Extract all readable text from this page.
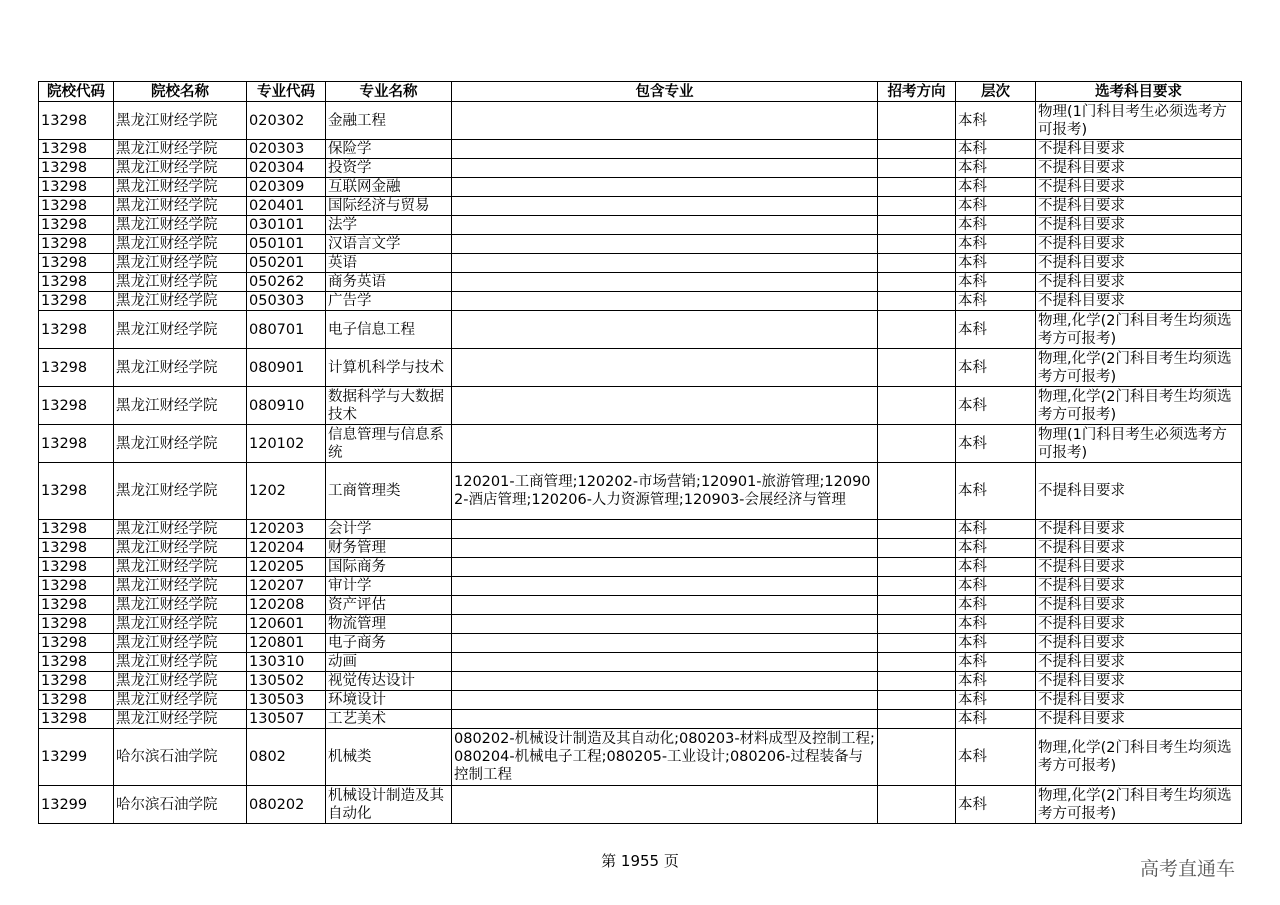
院校代码	院校名称	专业代码	专业名称	包含专业	招考方向	层次	选考科目要求
13298	黑龙江财经学院	020302	金融工程			本科	物理(1门科目考生必须选考方可报考)
13298	黑龙江财经学院	020303	保险学			本科	不提科目要求
13298	黑龙江财经学院	020304	投资学			本科	不提科目要求
13298	黑龙江财经学院	020309	互联网金融			本科	不提科目要求
13298	黑龙江财经学院	020401	国际经济与贸易			本科	不提科目要求
13298	黑龙江财经学院	030101	法学			本科	不提科目要求
13298	黑龙江财经学院	050101	汉语言文学			本科	不提科目要求
13298	黑龙江财经学院	050201	英语			本科	不提科目要求
13298	黑龙江财经学院	050262	商务英语			本科	不提科目要求
13298	黑龙江财经学院	050303	广告学			本科	不提科目要求
13298	黑龙江财经学院	080701	电子信息工程			本科	物理,化学(2门科目考生均须选考方可报考)
13298	黑龙江财经学院	080901	计算机科学与技术			本科	物理,化学(2门科目考生均须选考方可报考)
13298	黑龙江财经学院	080910	数据科学与大数据技术			本科	物理,化学(2门科目考生均须选考方可报考)
13298	黑龙江财经学院	120102	信息管理与信息系统			本科	物理(1门科目考生必须选考方可报考)
13298	黑龙江财经学院	1202	工商管理类	120201-工商管理;120202-市场营销;120901-旅游管理;120902-酒店管理;120206-人力资源管理;120903-会展经济与管理		本科	不提科目要求
13298	黑龙江财经学院	120203	会计学			本科	不提科目要求
13298	黑龙江财经学院	120204	财务管理			本科	不提科目要求
13298	黑龙江财经学院	120205	国际商务			本科	不提科目要求
13298	黑龙江财经学院	120207	审计学			本科	不提科目要求
13298	黑龙江财经学院	120208	资产评估			本科	不提科目要求
13298	黑龙江财经学院	120601	物流管理			本科	不提科目要求
13298	黑龙江财经学院	120801	电子商务			本科	不提科目要求
13298	黑龙江财经学院	130310	动画			本科	不提科目要求
13298	黑龙江财经学院	130502	视觉传达设计			本科	不提科目要求
13298	黑龙江财经学院	130503	环境设计			本科	不提科目要求
13298	黑龙江财经学院	130507	工艺美术			本科	不提科目要求
13299	哈尔滨石油学院	0802	机械类	080202-机械设计制造及其自动化;080203-材料成型及控制工程;080204-机械电子工程;080205-工业设计;080206-过程装备与控制工程		本科	物理,化学(2门科目考生均须选考方可报考)
13299	哈尔滨石油学院	080202	机械设计制造及其自动化			本科	物理,化学(2门科目考生均须选考方可报考)
第 1955 页	高考直通车
